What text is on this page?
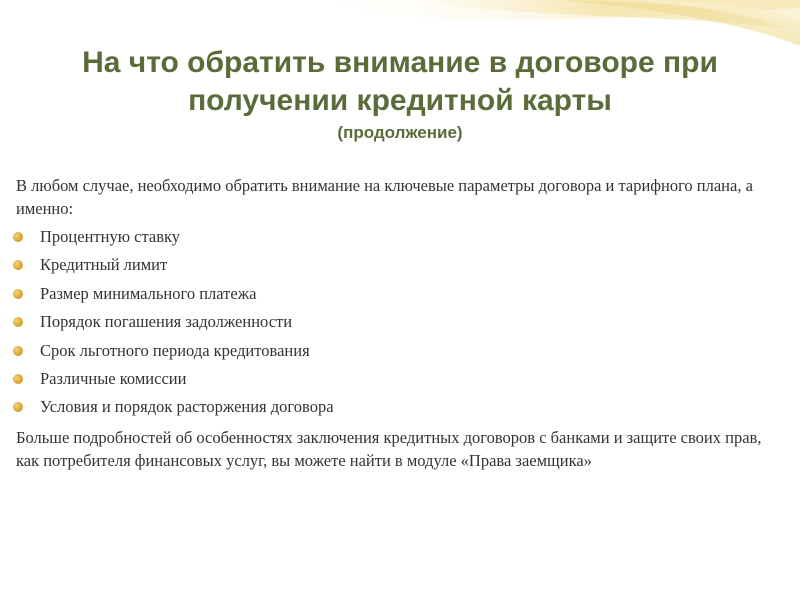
На что обратить внимание в договоре при
получении кредитной карты
(продолжение)

В любом случае, необходимо обратить внимание на ключевые параметры договора и тарифного плана, а именно:

Процентную ставку
Кредитный лимит
Размер минимального платежа
Порядок погашения задолженности
Срок льготного периода кредитования
Различные комиссии
Условия и порядок расторжения договора

Больше подробностей об особенностях заключения кредитных договоров с банками и защите своих прав, как потребителя финансовых услуг, вы можете найти в модуле «Права заемщика»
